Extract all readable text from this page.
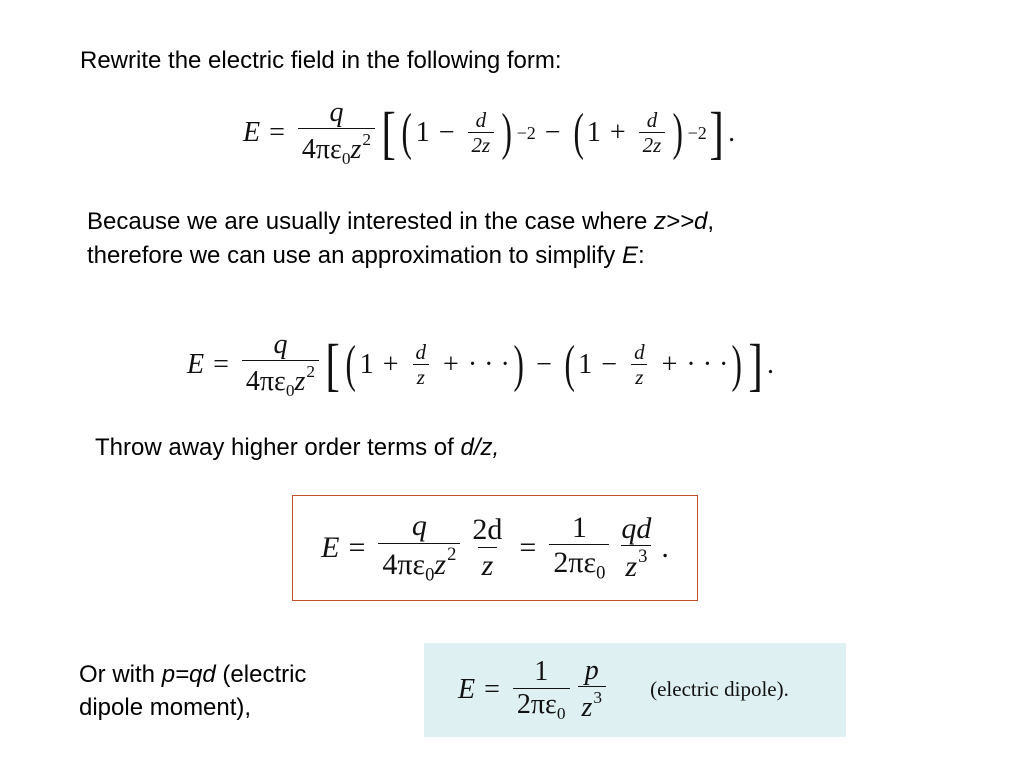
Rewrite the electric field in the following form:
$E = \frac{q}{4\pi\varepsilon_0z^2}$ [ ( $1 - \frac{d}{2z}$ ) −2 − ( $1 + \frac{d}{2z}$ ) −2 ] .
Because we are usually interested in the case where z>>d,
therefore we can use an approximation to simplify E:
$E = \frac{q}{4\pi\varepsilon_0z^2}$ [ ( $1 + \frac{d}{z}$ + · · · ) − ( $1 - \frac{d}{z}$ + · · · ) ] .
Throw away higher order terms of d/z,
$E = \frac{q}{4\pi\varepsilon_0z^2} \frac{2d}{z} = \frac{1}{2\pi\varepsilon_0} \frac{qd}{z^3}$ .
Or with p=qd (electric
dipole moment),
$E = \frac{1}{2\pi\varepsilon_0} \frac{p}{z^3}$ (electric dipole).
